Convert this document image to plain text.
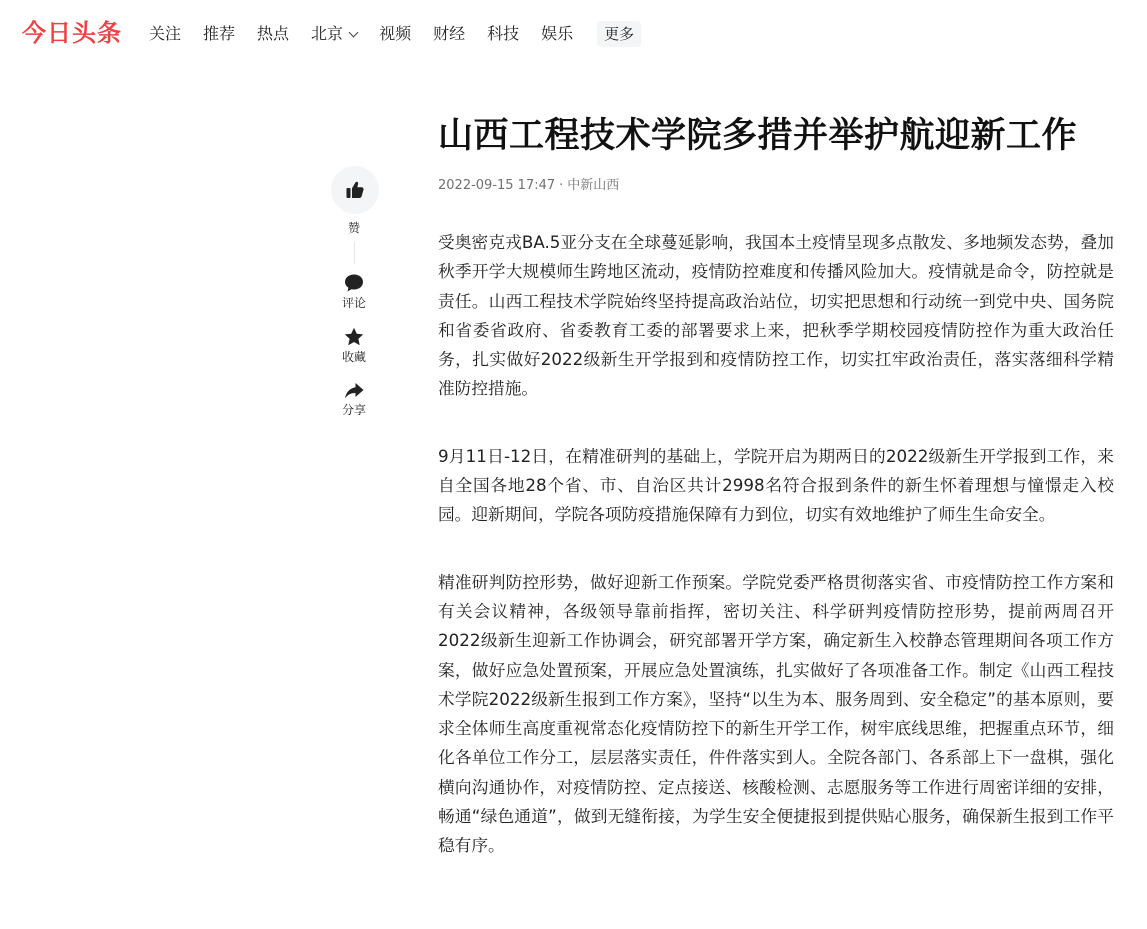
今日头条 关注 推荐 热点 北京 视频 财经 科技 娱乐	更多
赞
评论
收藏
分享
山西工程技术学院多措并举护航迎新工作
2022-09-15 17:47 · 中新山西

受奥密克戎BA.5亚分支在全球蔓延影响，我国本土疫情呈现多点散发、多地频发态势，叠加秋季开学大规模师生跨地区流动，疫情防控难度和传播风险加大。疫情就是命令，防控就是责任。山西工程技术学院始终坚持提高政治站位，切实把思想和行动统一到党中央、国务院和省委省政府、省委教育工委的部署要求上来，把秋季学期校园疫情防控作为重大政治任务，扎实做好2022级新生开学报到和疫情防控工作，切实扛牢政治责任，落实落细科学精准防控措施。

9月11日-12日，在精准研判的基础上，学院开启为期两日的2022级新生开学报到工作，来自全国各地28个省、市、自治区共计2998名符合报到条件的新生怀着理想与憧憬走入校园。迎新期间，学院各项防疫措施保障有力到位，切实有效地维护了师生生命安全。

精准研判防控形势，做好迎新工作预案。学院党委严格贯彻落实省、市疫情防控工作方案和有关会议精神，各级领导靠前指挥，密切关注、科学研判疫情防控形势，提前两周召开2022级新生迎新工作协调会，研究部署开学方案，确定新生入校静态管理期间各项工作方案，做好应急处置预案，开展应急处置演练，扎实做好了各项准备工作。制定《山西工程技术学院2022级新生报到工作方案》，坚持“以生为本、服务周到、安全稳定”的基本原则，要求全体师生高度重视常态化疫情防控下的新生开学工作，树牢底线思维，把握重点环节，细化各单位工作分工，层层落实责任，件件落实到人。全院各部门、各系部上下一盘棋，强化横向沟通协作，对疫情防控、定点接送、核酸检测、志愿服务等工作进行周密详细的安排，畅通“绿色通道”，做到无缝衔接，为学生安全便捷报到提供贴心服务，确保新生报到工作平稳有序。
